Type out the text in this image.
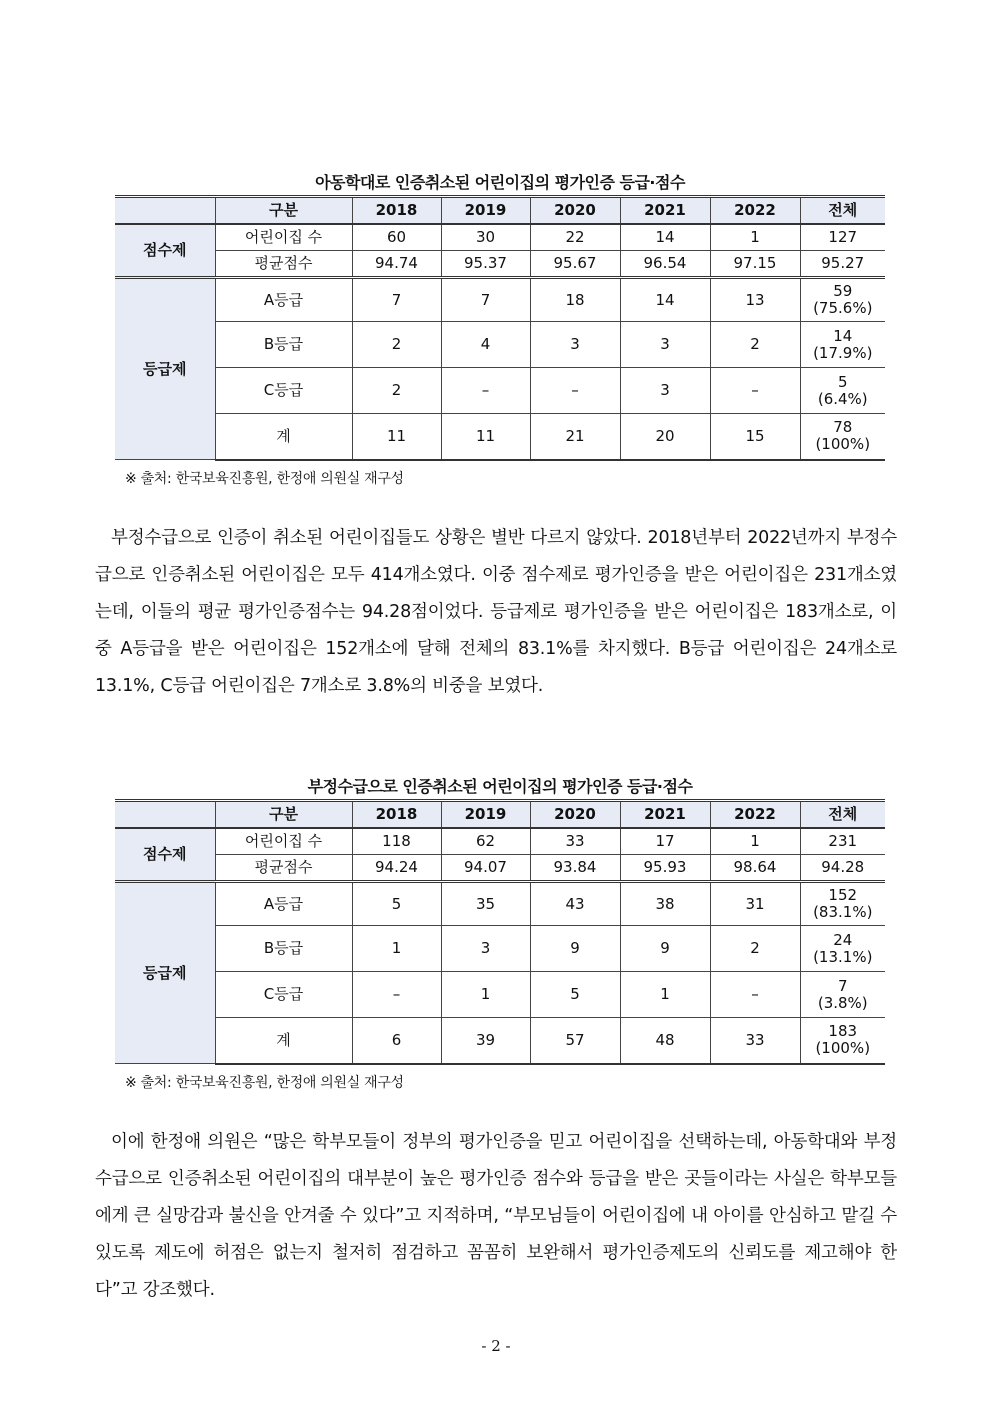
아동학대로 인증취소된 어린이집의 평가인증 등급·점수
	구분	2018	2019	2020	2021	2022	전체
점수제	어린이집 수	60	30	22	14	1	127
	평균점수	94.74	95.37	95.67	96.54	97.15	95.27
등급제	A등급	7	7	18	14	13	59
(75.6%)
	B등급	2	4	3	3	2	14
(17.9%)
	C등급	2	–	–	3	–	5
(6.4%)
	계	11	11	21	20	15	78
(100%)
※ 출처: 한국보육진흥원, 한정애 의원실 재구성

부정수급으로 인증이 취소된 어린이집들도 상황은 별반 다르지 않았다. 2018년부터 2022년까지 부정수급으로 인증취소된 어린이집은 모두 414개소였다. 이중 점수제로 평가인증을 받은 어린이집은 231개소였는데, 이들의 평균 평가인증점수는 94.28점이었다. 등급제로 평가인증을 받은 어린이집은 183개소로, 이중 A등급을 받은 어린이집은 152개소에 달해 전체의 83.1%를 차지했다. B등급 어린이집은 24개소로 13.1%, C등급 어린이집은 7개소로 3.8%의 비중을 보였다.

부정수급으로 인증취소된 어린이집의 평가인증 등급·점수
	구분	2018	2019	2020	2021	2022	전체
점수제	어린이집 수	118	62	33	17	1	231
	평균점수	94.24	94.07	93.84	95.93	98.64	94.28
등급제	A등급	5	35	43	38	31	152
(83.1%)
	B등급	1	3	9	9	2	24
(13.1%)
	C등급	–	1	5	1	–	7
(3.8%)
	계	6	39	57	48	33	183
(100%)
※ 출처: 한국보육진흥원, 한정애 의원실 재구성

이에 한정애 의원은 “많은 학부모들이 정부의 평가인증을 믿고 어린이집을 선택하는데, 아동학대와 부정수급으로 인증취소된 어린이집의 대부분이 높은 평가인증 점수와 등급을 받은 곳들이라는 사실은 학부모들에게 큰 실망감과 불신을 안겨줄 수 있다”고 지적하며, “부모님들이 어린이집에 내 아이를 안심하고 맡길 수 있도록 제도에 허점은 없는지 철저히 점검하고 꼼꼼히 보완해서 평가인증제도의 신뢰도를 제고해야 한다”고 강조했다.

- 2 -
